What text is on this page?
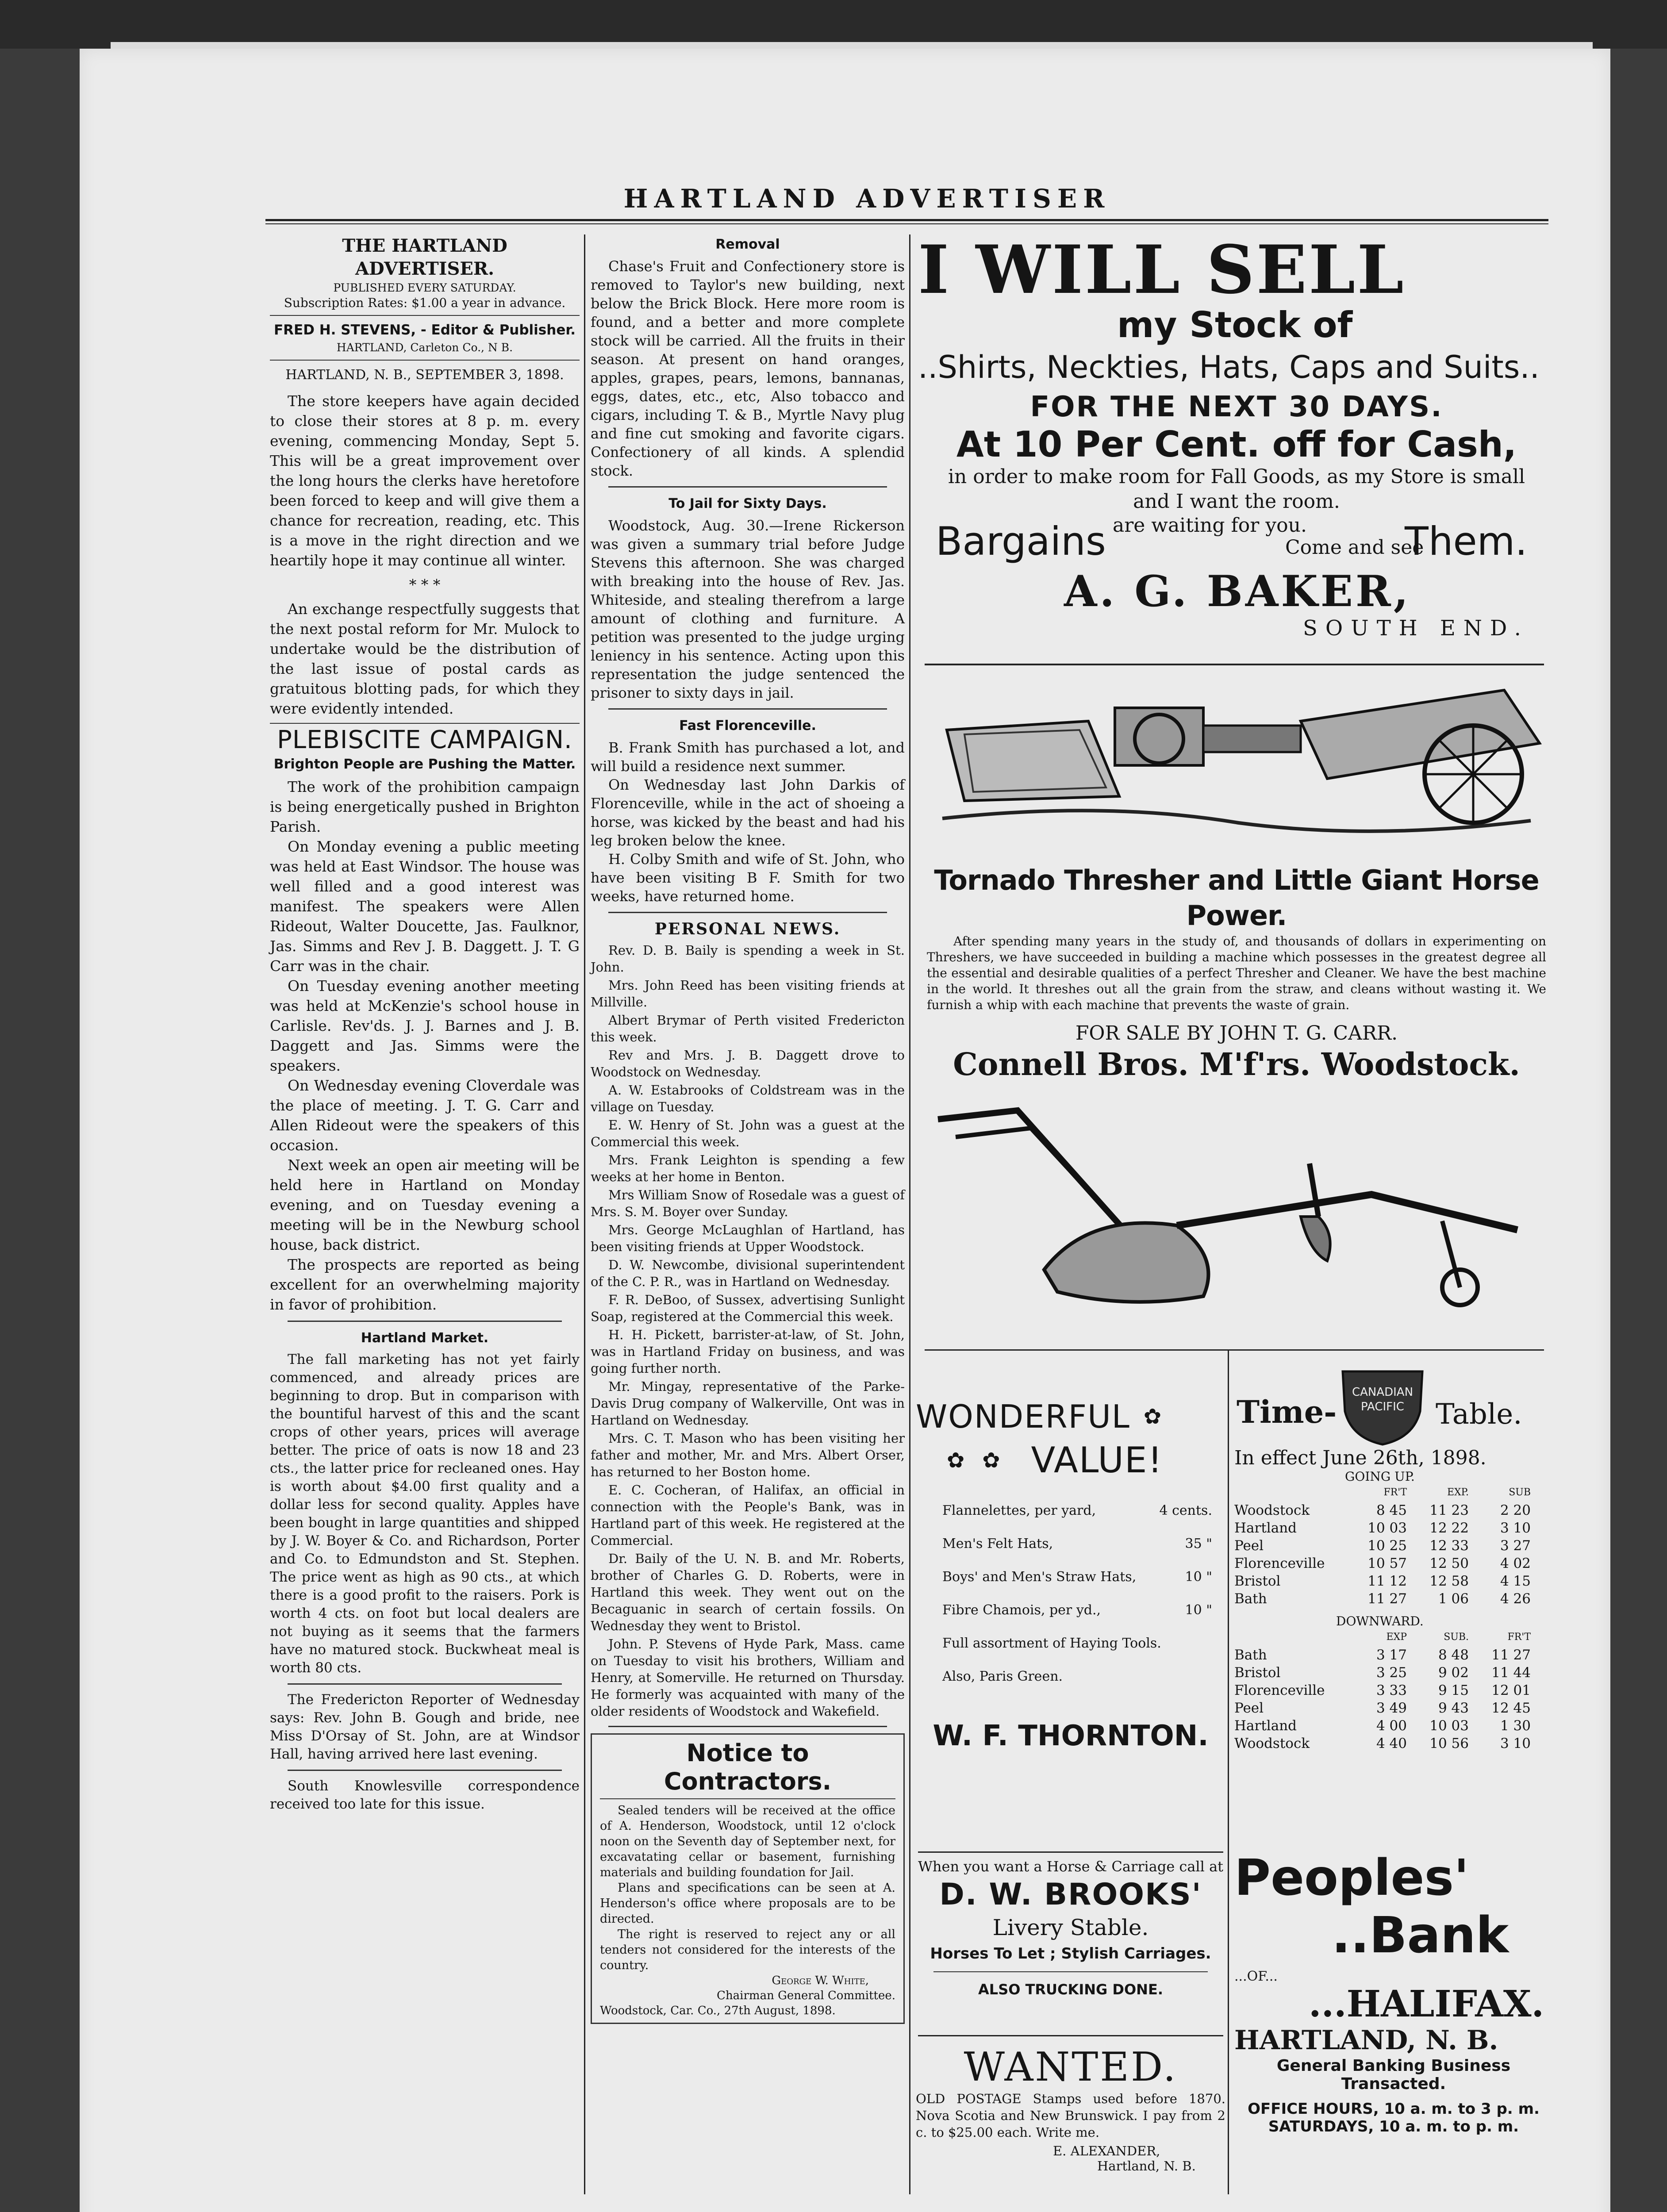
HARTLAND ADVERTISER
THE HARTLAND ADVERTISER.
PUBLISHED EVERY SATURDAY.
Subscription Rates: $1.00 a year in advance.
FRED H. STEVENS, - Editor & Publisher.
HARTLAND, Carleton Co., N B.
HARTLAND, N. B., SEPTEMBER 3, 1898.

The store keepers have again decided to close their stores at 8 p. m. every evening, commencing Monday, Sept 5. This will be a great improvement over the long hours the clerks have heretofore been forced to keep and will give them a chance for recreation, reading, etc. This is a move in the right direction and we heartily hope it may continue all winter.

* * *

An exchange respectfully suggests that the next postal reform for Mr. Mulock to undertake would be the distribution of the last issue of postal cards as gratuitous blotting pads, for which they were evidently intended.

PLEBISCITE CAMPAIGN.
Brighton People are Pushing the Matter.

The work of the prohibition campaign is being energetically pushed in Brighton Parish.

On Monday evening a public meeting was held at East Windsor. The house was well filled and a good interest was manifest. The speakers were Allen Rideout, Walter Doucette, Jas. Faulknor, Jas. Simms and Rev J. B. Daggett. J. T. G Carr was in the chair.

On Tuesday evening another meeting was held at McKenzie's school house in Carlisle. Rev'ds. J. J. Barnes and J. B. Daggett and Jas. Simms were the speakers.

On Wednesday evening Cloverdale was the place of meeting. J. T. G. Carr and Allen Rideout were the speakers of this occasion.

Next week an open air meeting will be held here in Hartland on Monday evening, and on Tuesday evening a meeting will be in the Newburg school house, back district.

The prospects are reported as being excellent for an overwhelming majority in favor of prohibition.

Hartland Market.

The fall marketing has not yet fairly commenced, and already prices are beginning to drop. But in comparison with the bountiful harvest of this and the scant crops of other years, prices will average better. The price of oats is now 18 and 23 cts., the latter price for recleaned ones. Hay is worth about $4.00 first quality and a dollar less for second quality. Apples have been bought in large quantities and shipped by J. W. Boyer & Co. and Richardson, Porter and Co. to Edmundston and St. Stephen. The price went as high as 90 cts., at which there is a good profit to the raisers. Pork is worth 4 cts. on foot but local dealers are not buying as it seems that the farmers have no matured stock. Buckwheat meal is worth 80 cts.

The Fredericton Reporter of Wednesday says: Rev. John B. Gough and bride, nee Miss D'Orsay of St. John, are at Windsor Hall, having arrived here last evening.

South Knowlesville correspondence received too late for this issue.

Removal

Chase's Fruit and Confectionery store is removed to Taylor's new building, next below the Brick Block. Here more room is found, and a better and more complete stock will be carried. All the fruits in their season. At present on hand oranges, apples, grapes, pears, lemons, bannanas, eggs, dates, etc., etc, Also tobacco and cigars, including T. & B., Myrtle Navy plug and fine cut smoking and favorite cigars. Confectionery of all kinds. A splendid stock.

To Jail for Sixty Days.

Woodstock, Aug. 30.—Irene Rickerson was given a summary trial before Judge Stevens this afternoon. She was charged with breaking into the house of Rev. Jas. Whiteside, and stealing therefrom a large amount of clothing and furniture. A petition was presented to the judge urging leniency in his sentence. Acting upon this representation the judge sentenced the prisoner to sixty days in jail.

Fast Florenceville.

B. Frank Smith has purchased a lot, and will build a residence next summer.

On Wednesday last John Darkis of Florenceville, while in the act of shoeing a horse, was kicked by the beast and had his leg broken below the knee.

H. Colby Smith and wife of St. John, who have been visiting B F. Smith for two weeks, have returned home.

PERSONAL NEWS.

Rev. D. B. Baily is spending a week in St. John.

Mrs. John Reed has been visiting friends at Millville.

Albert Brymar of Perth visited Fredericton this week.

Rev and Mrs. J. B. Daggett drove to Woodstock on Wednesday.

A. W. Estabrooks of Coldstream was in the village on Tuesday.

E. W. Henry of St. John was a guest at the Commercial this week.

Mrs. Frank Leighton is spending a few weeks at her home in Benton.

Mrs William Snow of Rosedale was a guest of Mrs. S. M. Boyer over Sunday.

Mrs. George McLaughlan of Hartland, has been visiting friends at Upper Woodstock.

D. W. Newcombe, divisional superintendent of the C. P. R., was in Hartland on Wednesday.

F. R. DeBoo, of Sussex, advertising Sunlight Soap, registered at the Commercial this week.

H. H. Pickett, barrister-at-law, of St. John, was in Hartland Friday on business, and was going further north.

Mr. Mingay, representative of the Parke-Davis Drug company of Walkerville, Ont was in Hartland on Wednesday.

Mrs. C. T. Mason who has been visiting her father and mother, Mr. and Mrs. Albert Orser, has returned to her Boston home.

E. C. Cocheran, of Halifax, an official in connection with the People's Bank, was in Hartland part of this week. He registered at the Commercial.

Dr. Baily of the U. N. B. and Mr. Roberts, brother of Charles G. D. Roberts, were in Hartland this week. They went out on the Becaguanic in search of certain fossils. On Wednesday they went to Bristol.

John. P. Stevens of Hyde Park, Mass. came on Tuesday to visit his brothers, William and Henry, at Somerville. He returned on Thursday. He formerly was acquainted with many of the older residents of Woodstock and Wakefield.

Notice to Contractors.

Sealed tenders will be received at the office of A. Henderson, Woodstock, until 12 o'clock noon on the Seventh day of September next, for excavatating cellar or basement, furnishing materials and building foundation for Jail.

Plans and specifications can be seen at A. Henderson's office where proposals are to be directed.

The right is reserved to reject any or all tenders not considered for the interests of the country.

George W. White,
Chairman General Committee.
Woodstock, Car. Co., 27th August, 1898.
I WILL SELL
my Stock of
..Shirts, Neckties, Hats, Caps and Suits..
FOR THE NEXT 30 DAYS.
At 10 Per Cent. off for Cash,
in order to make room for Fall Goods, as my Store is small
and I want the room.
Bargains are waiting for you.
Come and see
Them.
A. G. BAKER,
SOUTH END.
Tornado Thresher and Little Giant Horse Power.
After spending many years in the study of, and thousands of dollars in experimenting on Threshers, we have succeeded in building a machine which possesses in the greatest degree all the essential and desirable qualities of a perfect Thresher and Cleaner. We have the best machine in the world. It threshes out all the grain from the straw, and cleans without wasting it. We furnish a whip with each machine that prevents the waste of grain.
FOR SALE BY JOHN T. G. CARR.
Connell Bros. M'f'rs. Woodstock.
WONDERFUL ✿
✿ ✿ VALUE!
Flannelettes, per yard,	4 cents.
Men's Felt Hats,	35 "
Boys' and Men's Straw Hats,	10 "
Fibre Chamois, per yd.,	10 "
Full assortment of Haying Tools.
Also, Paris Green.
W. F. THORNTON.
When you want a Horse & Carriage call at
D. W. BROOKS'
Livery Stable.
Horses To Let ; Stylish Carriages.
ALSO TRUCKING DONE.
WANTED.
OLD POSTAGE Stamps used before 1870. Nova Scotia and New Brunswick. I pay from 2 c. to $25.00 each. Write me.
E. ALEXANDER,
Hartland, N. B.
Time-
CANADIAN
PACIFIC Table.
In effect June 26th, 1898.
GOING UP.
FR'T	EXP.	SUB
Woodstock	8 45	11 23	2 20
Hartland	10 03	12 22	3 10
Peel	10 25	12 33	3 27
Florenceville	10 57	12 50	4 02
Bristol	11 12	12 58	4 15
Bath	11 27	1 06	4 26
DOWNWARD.
EXP	SUB.	FR'T
Bath	3 17	8 48	11 27
Bristol	3 25	9 02	11 44
Florenceville	3 33	9 15	12 01
Peel	3 49	9 43	12 45
Hartland	4 00	10 03	1 30
Woodstock	4 40	10 56	3 10
Peoples'
..Bank
...OF...
...HALIFAX.
HARTLAND, N. B.
General Banking Business
Transacted.
OFFICE HOURS, 10 a. m. to 3 p. m.
SATURDAYS, 10 a. m. to p. m.
